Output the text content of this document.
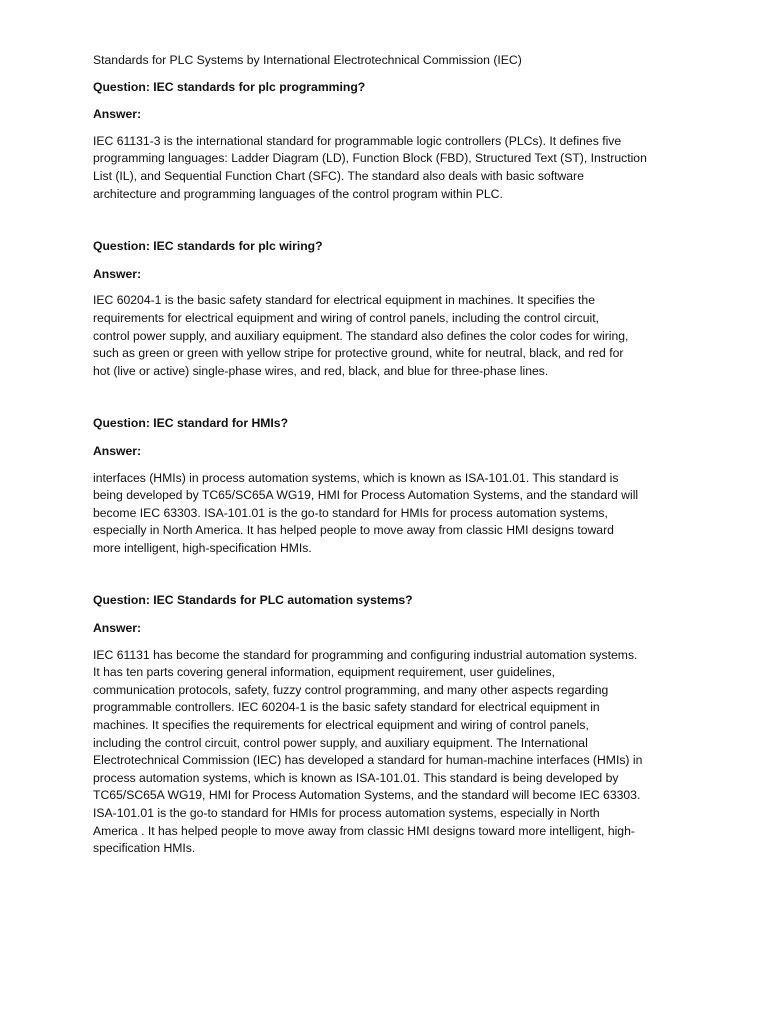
Standards for PLC Systems by International Electrotechnical Commission (IEC)

Question: IEC standards for plc programming?

Answer:

IEC 61131-3 is the international standard for programmable logic controllers (PLCs). It defines five
programming languages: Ladder Diagram (LD), Function Block (FBD), Structured Text (ST), Instruction
List (IL), and Sequential Function Chart (SFC). The standard also deals with basic software
architecture and programming languages of the control program within PLC.

Question: IEC standards for plc wiring?

Answer:

IEC 60204-1 is the basic safety standard for electrical equipment in machines. It specifies the
requirements for electrical equipment and wiring of control panels, including the control circuit,
control power supply, and auxiliary equipment. The standard also defines the color codes for wiring,
such as green or green with yellow stripe for protective ground, white for neutral, black, and red for
hot (live or active) single-phase wires, and red, black, and blue for three-phase lines.

Question: IEC standard for HMIs?

Answer:

interfaces (HMIs) in process automation systems, which is known as ISA-101.01. This standard is
being developed by TC65/SC65A WG19, HMI for Process Automation Systems, and the standard will
become IEC 63303. ISA-101.01 is the go-to standard for HMIs for process automation systems,
especially in North America. It has helped people to move away from classic HMI designs toward
more intelligent, high-specification HMIs.

Question: IEC Standards for PLC automation systems?

Answer:

IEC 61131 has become the standard for programming and configuring industrial automation systems.
It has ten parts covering general information, equipment requirement, user guidelines,
communication protocols, safety, fuzzy control programming, and many other aspects regarding
programmable controllers. IEC 60204-1 is the basic safety standard for electrical equipment in
machines. It specifies the requirements for electrical equipment and wiring of control panels,
including the control circuit, control power supply, and auxiliary equipment. The International
Electrotechnical Commission (IEC) has developed a standard for human-machine interfaces (HMIs) in
process automation systems, which is known as ISA-101.01. This standard is being developed by
TC65/SC65A WG19, HMI for Process Automation Systems, and the standard will become IEC 63303.
ISA-101.01 is the go-to standard for HMIs for process automation systems, especially in North
America . It has helped people to move away from classic HMI designs toward more intelligent, high-
specification HMIs.
